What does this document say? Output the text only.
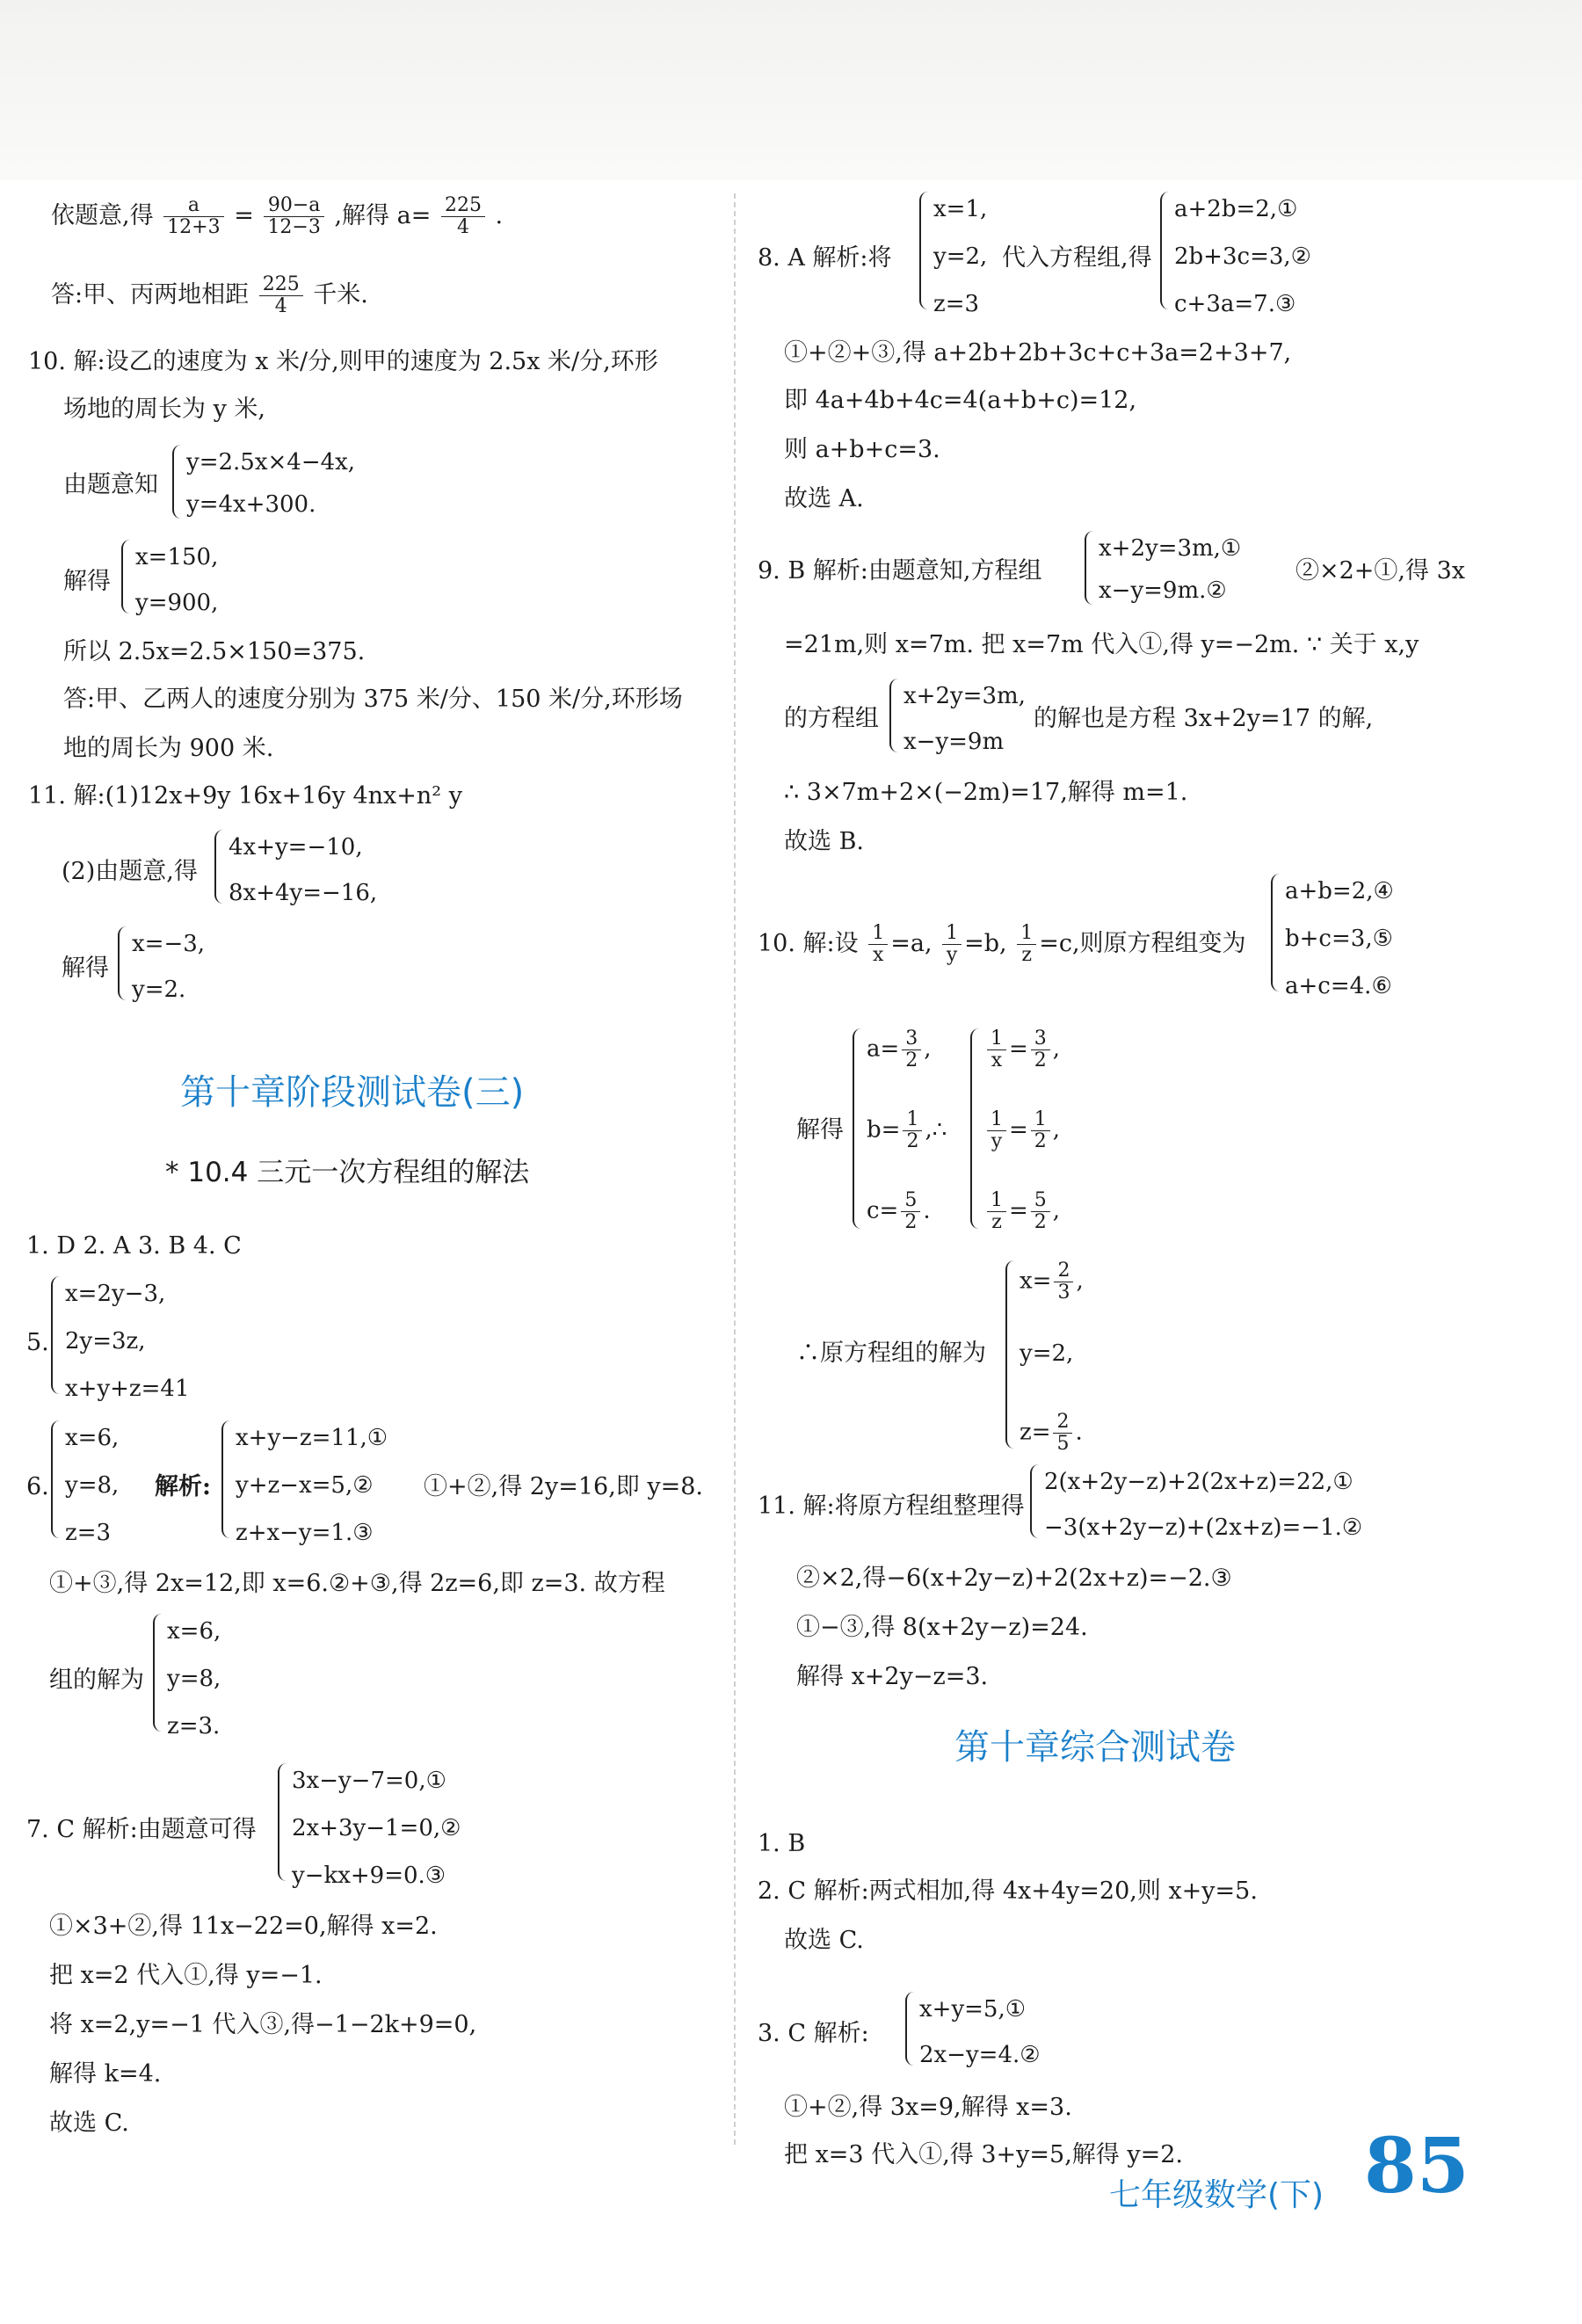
依题意,得 $\frac{a}{12+3} = \frac{90-a}{12-3}$ ,解得 $a= \frac{225}{4}$ .
答:甲、丙两地相距 $\frac{225}{4}$ 千米.
10. 解:设乙的速度为 x 米/分,则甲的速度为 2.5x 米/分,环形
场地的周长为 y 米,
由题意知
y=2.5x×4−4x,
y=4x+300.
解得
x=150,
y=900,
所以 2.5x=2.5×150=375.
答:甲、乙两人的速度分别为 375 米/分、150 米/分,环形场
地的周长为 900 米.
11. 解:(1)12x+9y 16x+16y 4nx+n² y
(2)由题意,得
4x+y=−10,
8x+4y=−16,
解得
x=−3,
y=2.
第十章阶段测试卷(三)
* 10.4 三元一次方程组的解法
1. D 2. A 3. B 4. C
5.
x=2y−3,
2y=3z,
x+y+z=41
6.
x=6,
y=8,
z=3
解析:
x+y−z=11,①
y+z−x=5,②
z+x−y=1.③
①+②,得 2y=16,即 y=8.
①+③,得 2x=12,即 x=6.②+③,得 2z=6,即 z=3. 故方程
组的解为
x=6,
y=8,
z=3.
7. C 解析:由题意可得
3x−y−7=0,①
2x+3y−1=0,②
y−kx+9=0.③
①×3+②,得 11x−22=0,解得 x=2.
把 x=2 代入①,得 y=−1.
将 x=2,y=−1 代入③,得−1−2k+9=0,
解得 k=4.
故选 C.
8. A 解析:将
x=1,
y=2,
z=3
代入方程组,得
a+2b=2,①
2b+3c=3,②
c+3a=7.③
①+②+③,得 a+2b+2b+3c+c+3a=2+3+7,
即 4a+4b+4c=4(a+b+c)=12,
则 a+b+c=3.
故选 A.
9. B 解析:由题意知,方程组
x+2y=3m,①
x−y=9m.②
②×2+①,得 3x
=21m,则 x=7m. 把 x=7m 代入①,得 y=−2m. ∵ 关于 x,y
的方程组
x+2y=3m,
x−y=9m
的解也是方程 3x+2y=17 的解,
∴ 3×7m+2×(−2m)=17,解得 m=1.
故选 B.
10. 解:设 $\frac{1}{x} =a$, $\frac{1}{y} =b$, $\frac{1}{z} =c$,则原方程组变为
a+b=2,④
b+c=3,⑤
a+c=4.⑥
解得
$a= \frac{3}{2}$ ,
$b= \frac{1}{2}$ ,∴
$c= \frac{5}{2}$ .
$\frac{1}{x} = \frac{3}{2}$ ,
$\frac{1}{y} = \frac{1}{2}$ ,
$\frac{1}{z} = \frac{5}{2}$ ,
∴原方程组的解为
$x= \frac{2}{3}$ ,
y=2,
$z= \frac{2}{5}$ .
11. 解:将原方程组整理得
2(x+2y−z)+2(2x+z)=22,①
−3(x+2y−z)+(2x+z)=−1.②
②×2,得−6(x+2y−z)+2(2x+z)=−2.③
①−③,得 8(x+2y−z)=24.
解得 x+2y−z=3.
第十章综合测试卷
1. B
2. C 解析:两式相加,得 4x+4y=20,则 x+y=5.
故选 C.
3. C 解析:
x+y=5,①
2x−y=4.②
①+②,得 3x=9,解得 x=3.
把 x=3 代入①,得 3+y=5,解得 y=2.
七年级数学(下) 85
